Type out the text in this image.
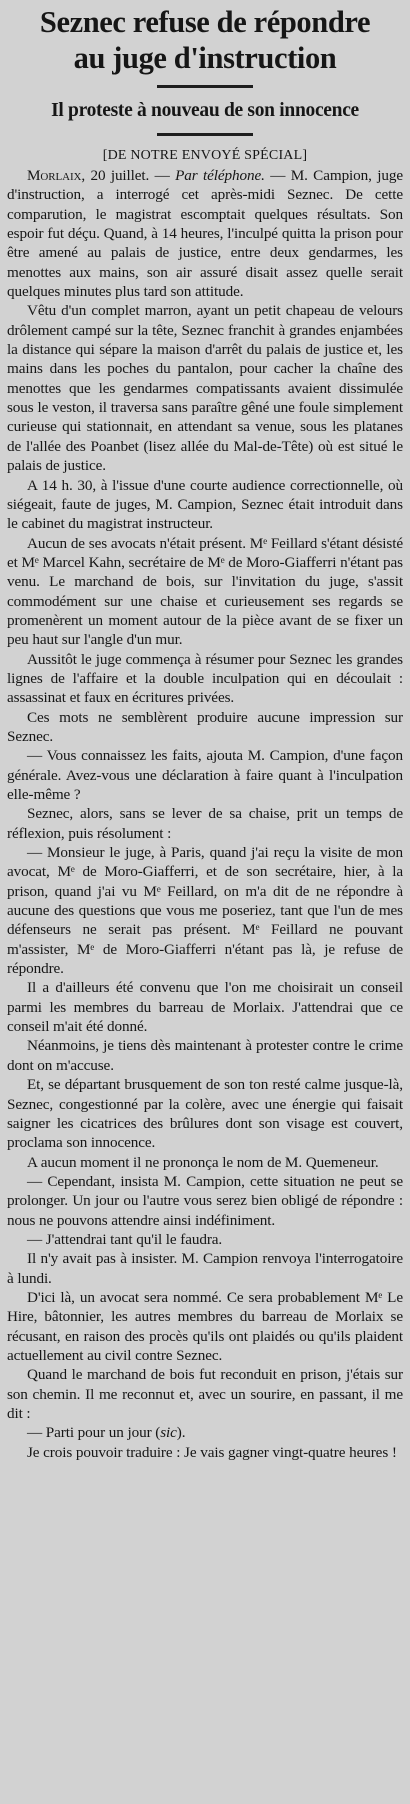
Seznec refuse de répondre
au juge d'instruction
Il proteste à nouveau de son innocence
[DE NOTRE ENVOYÉ SPÉCIAL]

Morlaix, 20 juillet. — Par téléphone. — M. Campion, juge d'instruction, a interrogé cet après-midi Seznec. De cette comparution, le magistrat escomptait quelques résultats. Son espoir fut déçu. Quand, à 14 heures, l'inculpé quitta la prison pour être amené au palais de justice, entre deux gendarmes, les menottes aux mains, son air assuré disait assez quelle serait quelques minutes plus tard son attitude.

Vêtu d'un complet marron, ayant un petit chapeau de velours drôlement campé sur la tête, Seznec franchit à grandes enjambées la distance qui sépare la maison d'arrêt du palais de justice et, les mains dans les poches du pantalon, pour cacher la chaîne des menottes que les gendarmes compatissants avaient dissimulée sous le veston, il traversa sans paraître gêné une foule simplement curieuse qui stationnait, en attendant sa venue, sous les platanes de l'allée des Poanbet (lisez allée du Mal-de-Tête) où est situé le palais de justice.

A 14 h. 30, à l'issue d'une courte audience correctionnelle, où siégeait, faute de juges, M. Campion, Seznec était introduit dans le cabinet du magistrat instructeur.

Aucun de ses avocats n'était présent. Mᵉ Feillard s'étant désisté et Mᵉ Marcel Kahn, secrétaire de Mᵉ de Moro-Giafferri n'étant pas venu. Le marchand de bois, sur l'invitation du juge, s'assit commodément sur une chaise et curieusement ses regards se promenèrent un moment autour de la pièce avant de se fixer un peu haut sur l'angle d'un mur.

Aussitôt le juge commença à résumer pour Seznec les grandes lignes de l'affaire et la double inculpation qui en découlait : assassinat et faux en écritures privées.

Ces mots ne semblèrent produire aucune impression sur Seznec.

— Vous connaissez les faits, ajouta M. Campion, d'une façon générale. Avez-vous une déclaration à faire quant à l'inculpation elle-même ?

Seznec, alors, sans se lever de sa chaise, prit un temps de réflexion, puis résolument :

— Monsieur le juge, à Paris, quand j'ai reçu la visite de mon avocat, Mᵉ de Moro-Giafferri, et de son secrétaire, hier, à la prison, quand j'ai vu Mᵉ Feillard, on m'a dit de ne répondre à aucune des questions que vous me poseriez, tant que l'un de mes défenseurs ne serait pas présent. Mᵉ Feillard ne pouvant m'assister, Mᵉ de Moro-Giafferri n'étant pas là, je refuse de répondre.

Il a d'ailleurs été convenu que l'on me choisirait un conseil parmi les membres du barreau de Morlaix. J'attendrai que ce conseil m'ait été donné.

Néanmoins, je tiens dès maintenant à protester contre le crime dont on m'accuse.

Et, se départant brusquement de son ton resté calme jusque-là, Seznec, congestionné par la colère, avec une énergie qui faisait saigner les cicatrices des brûlures dont son visage est couvert, proclama son innocence.

A aucun moment il ne prononça le nom de M. Quemeneur.

— Cependant, insista M. Campion, cette situation ne peut se prolonger. Un jour ou l'autre vous serez bien obligé de répondre : nous ne pouvons attendre ainsi indéfiniment.

— J'attendrai tant qu'il le faudra.

Il n'y avait pas à insister. M. Campion renvoya l'interrogatoire à lundi.

D'ici là, un avocat sera nommé. Ce sera probablement Mᵉ Le Hire, bâtonnier, les autres membres du barreau de Morlaix se récusant, en raison des procès qu'ils ont plaidés ou qu'ils plaident actuellement au civil contre Seznec.

Quand le marchand de bois fut reconduit en prison, j'étais sur son chemin. Il me reconnut et, avec un sourire, en passant, il me dit :

— Parti pour un jour (sic).

Je crois pouvoir traduire : Je vais gagner vingt-quatre heures !
